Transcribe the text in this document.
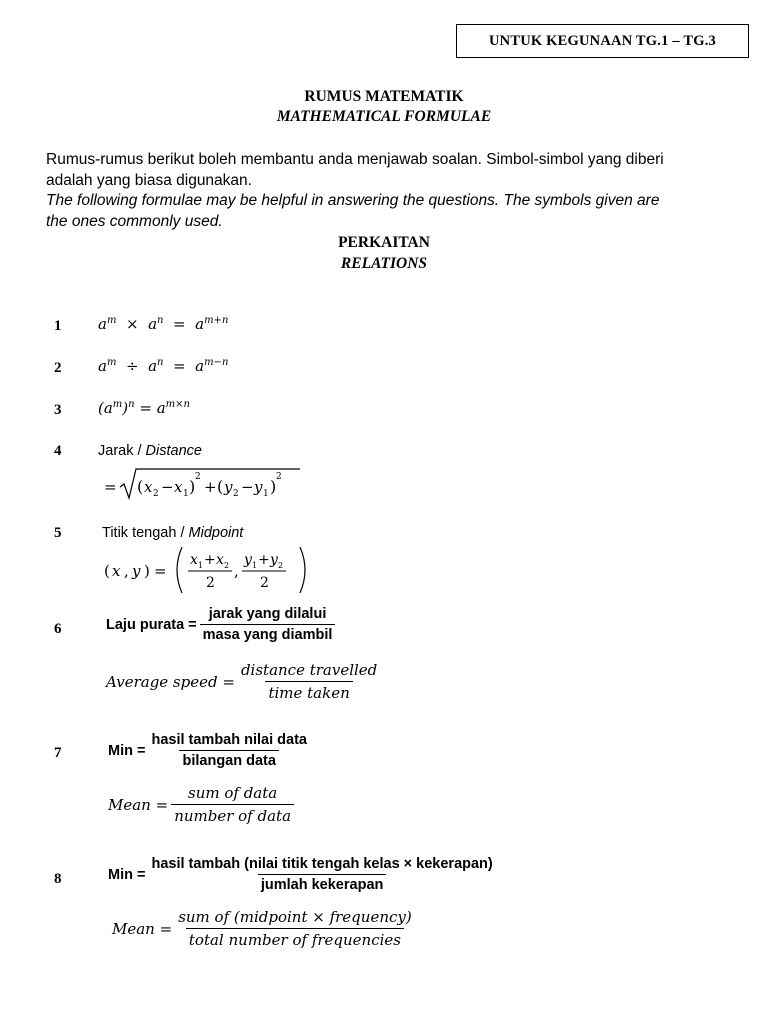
UNTUK KEGUNAAN TG.1 – TG.3
RUMUS MATEMATIK
MATHEMATICAL FORMULAE
Rumus-rumus berikut boleh membantu anda menjawab soalan. Simbol-simbol yang diberi
adalah yang biasa digunakan.
The following formulae may be helpful in answering the questions. The symbols given are
the ones commonly used.
PERKAITAN
RELATIONS
1 $a^m \times a^n = a^{m+n}$
2 $a^m \div a^n = a^{m-n}$
3 $(a^m)^n = a^{m\times n}$
4	Jarak / Distance
= ( x 2 − x 1 ) 2
+ ( y 2 − y 1 ) 2
5	Titik tengah / Midpoint
( x , y ) =
x 1 + x 2
2
,
y 1 + y 2
2
6	Laju purata = $\frac{\text{jarak yang dilalui}}{\text{masa yang diambil}}$
Average speed = $\frac{\text{distance travelled}}{\text{time taken}}$
7	Min = $\frac{\text{hasil tambah nilai data}}{\text{bilangan data}}$
Mean = $\frac{\text{sum of data}}{\text{number of data}}$
8	Min = $\frac{\text{hasil tambah (nilai titik tengah kelas × kekerapan)}}{\text{jumlah kekerapan}}$
Mean = $\frac{\text{sum of (midpoint × frequency)}}{\text{total number of frequencies}}$
